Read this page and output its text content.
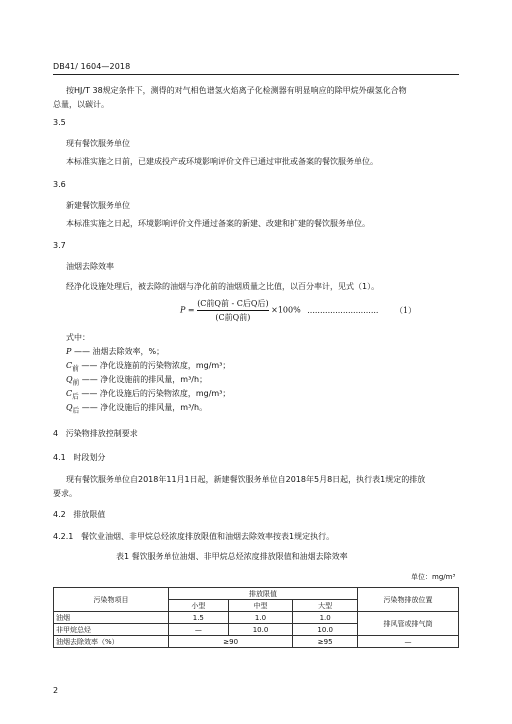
DB41/ 1604—2018
按HJ/T 38规定条件下，测得的对气相色谱氢火焰离子化检测器有明显响应的除甲烷外碳氢化合物
总量，以碳计。
3.5
现有餐饮服务单位
本标准实施之日前，已建成投产或环境影响评价文件已通过审批或备案的餐饮服务单位。
3.6
新建餐饮服务单位
本标准实施之日起，环境影响评价文件通过备案的新建、改建和扩建的餐饮服务单位。
3.7
油烟去除效率
经净化设施处理后，被去除的油烟与净化前的油烟质量之比值，以百分率计，见式（1）。
$P = \frac{\text{(C前Q前 - C后Q后)}}{\text{(C前Q前)}} \times 100\%$ ............................ （1）
式中：
P —— 油烟去除效率，%；
$C_前$ —— 净化设施前的污染物浓度，mg/m³；
$Q_前$ —— 净化设施前的排风量，m³/h；
$C_后$ —— 净化设施后的污染物浓度，mg/m³；
$Q_后$ —— 净化设施后的排风量，m³/h。
4 污染物排放控制要求
4.1 时段划分
现有餐饮服务单位自2018年11月1日起，新建餐饮服务单位自2018年5月8日起，执行表1规定的排放
要求。
4.2 排放限值
4.2.1 餐饮业油烟、非甲烷总烃浓度排放限值和油烟去除效率按表1规定执行。
表1 餐饮服务单位油烟、非甲烷总烃浓度排放限值和油烟去除效率
单位：mg/m³
污染物项目	排放限值			污染物排放位置
	小型	中型	大型	
油烟	1.5	1.0	1.0	排风管或排气筒
非甲烷总烃	—	10.0	10.0	
油烟去除效率（%）	≥90		≥95	—
2
